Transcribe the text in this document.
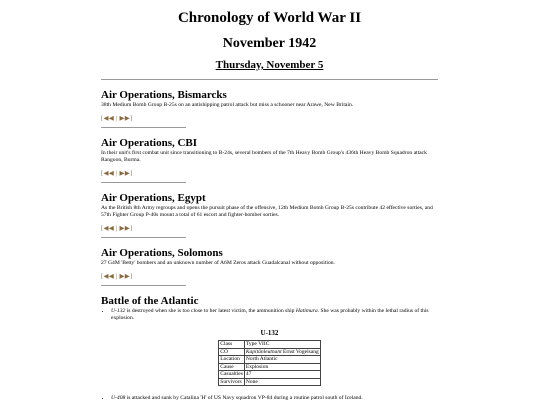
Chronology of World War II
November 1942
Thursday, November 5
Air Operations, Bismarcks
38th Medium Bomb Group B-25s on an antishipping patrol attack but miss a schooner near Arawe, New Britain.
[◀◀ | ▶▶]
Air Operations, CBI
In their unit's first combat unit since transitioning to B-24s, several bombers of the 7th Heavy Bomb Group's 436th Heavy Bomb Squadron attack Rangoon, Burma.
[◀◀ | ▶▶]
Air Operations, Egypt
As the British 8th Army regroups and opens the pursuit phase of the offensive, 12th Medium Bomb Group B-25s contribute 42 effective sorties, and 57th Fighter Group P-40s mount a total of 61 escort and fighter-bomber sorties.
[◀◀ | ▶▶]
Air Operations, Solomons
27 G4M 'Betty' bombers and an unknown number of A6M Zeros attack Guadalcanal without opposition.
[◀◀ | ▶▶]
Battle of the Atlantic
• U-132 is destroyed when she is too close to her latest victim, the ammunition ship Hatimura. She was probably within the lethal radius of this explosion.
U-132
Class	Type VIIC
CO	Kapitänleutnant Ernst Vogelsang
Location	North Atlantic
Cause	Explosion
Casualties	47
Survivors	None
• U-408 is attacked and sunk by Catalina 'H' of US Navy squadron VP-84 during a routine patrol south of Iceland.
